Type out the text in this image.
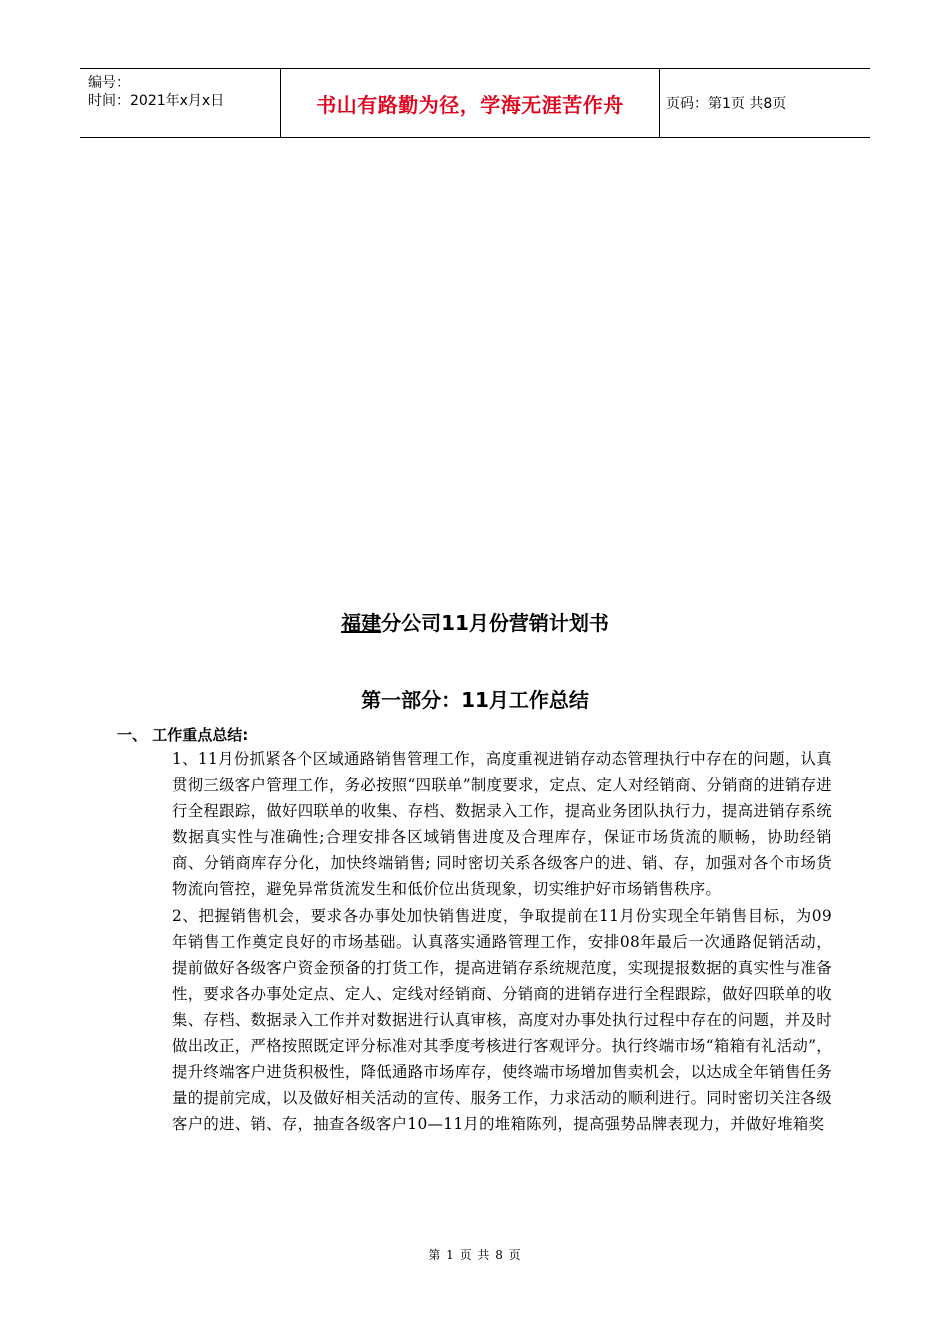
编号：
时间：2021年x月x日	书山有路勤为径，学海无涯苦作舟	页码：第1页 共8页
福建分公司11月份营销计划书
第一部分：11月工作总结
一、 工作重点总结:

1、11月份抓紧各个区域通路销售管理工作，高度重视进销存动态管理执行中存在的问题，认真贯彻三级客户管理工作，务必按照“四联单”制度要求，定点、定人对经销商、分销商的进销存进行全程跟踪，做好四联单的收集、存档、数据录入工作，提高业务团队执行力，提高进销存系统数据真实性与准确性;合理安排各区域销售进度及合理库存，保证市场货流的顺畅，协助经销商、分销商库存分化，加快终端销售; 同时密切关系各级客户的进、销、存，加强对各个市场货物流向管控，避免异常货流发生和低价位出货现象，切实维护好市场销售秩序。

2、把握销售机会，要求各办事处加快销售进度，争取提前在11月份实现全年销售目标，为09年销售工作奠定良好的市场基础。认真落实通路管理工作，安排08年最后一次通路促销活动，提前做好各级客户资金预备的打货工作，提高进销存系统规范度，实现提报数据的真实性与准备性，要求各办事处定点、定人、定线对经销商、分销商的进销存进行全程跟踪，做好四联单的收集、存档、数据录入工作并对数据进行认真审核，高度对办事处执行过程中存在的问题，并及时做出改正，严格按照既定评分标准对其季度考核进行客观评分。执行终端市场“箱箱有礼活动”，提升终端客户进货积极性，降低通路市场库存，使终端市场增加售卖机会，以达成全年销售任务量的提前完成，以及做好相关活动的宣传、服务工作，力求活动的顺利进行。同时密切关注各级客户的进、销、存，抽查各级客户10—11月的堆箱陈列，提高强势品牌表现力，并做好堆箱奖

第 1 页 共 8 页
